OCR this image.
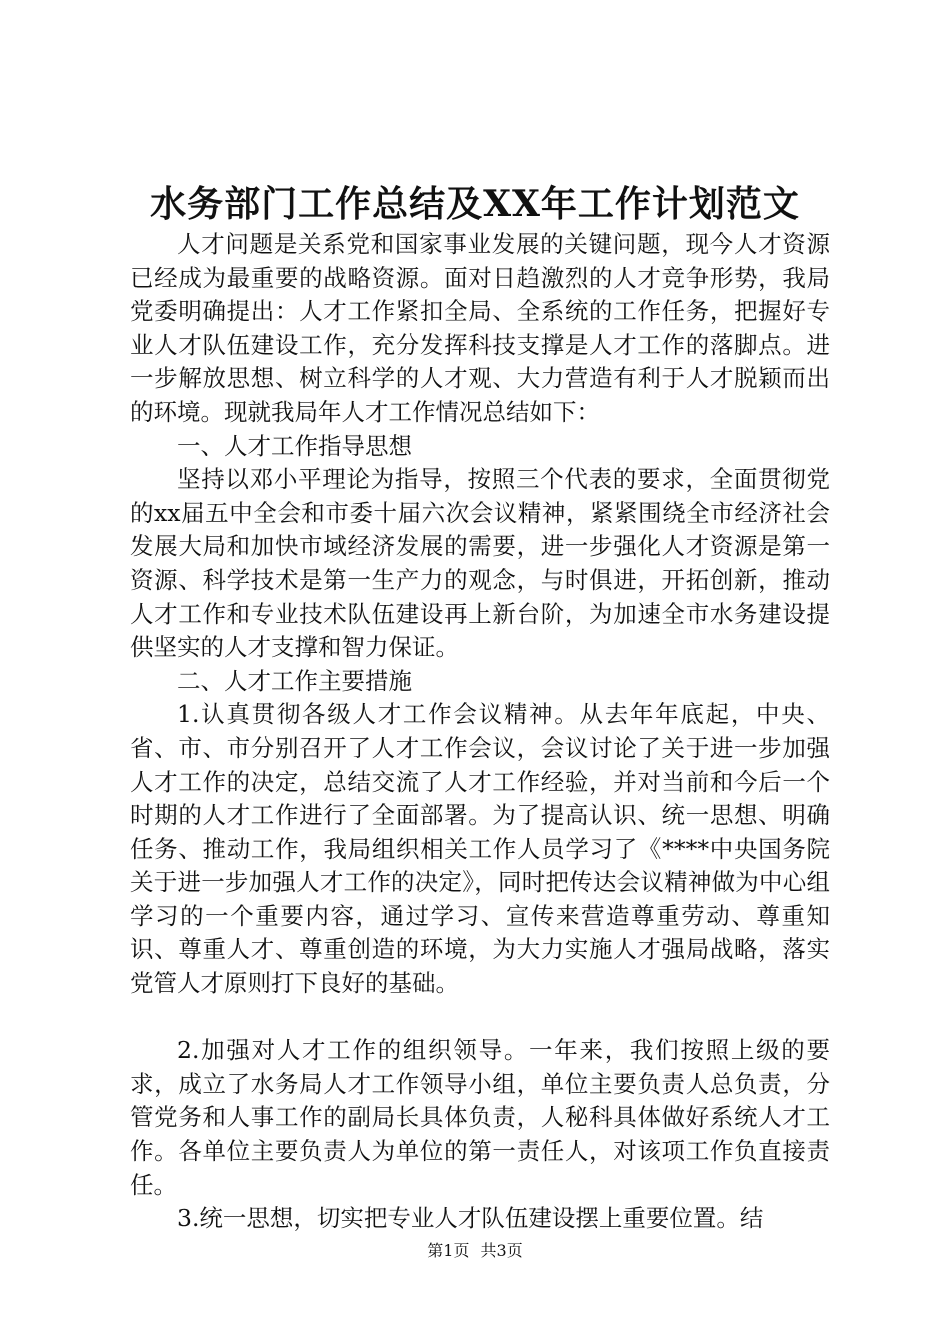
水务部门工作总结及XX年工作计划范文

人才问题是关系党和国家事业发展的关键问题，现今人才资源已经成为最重要的战略资源。面对日趋激烈的人才竞争形势，我局党委明确提出：人才工作紧扣全局、全系统的工作任务，把握好专业人才队伍建设工作，充分发挥科技支撑是人才工作的落脚点。进一步解放思想、树立科学的人才观、大力营造有利于人才脱颖而出的环境。现就我局年人才工作情况总结如下：

一、人才工作指导思想

坚持以邓小平理论为指导，按照三个代表的要求，全面贯彻党的xx届五中全会和市委十届六次会议精神，紧紧围绕全市经济社会发展大局和加快市域经济发展的需要，进一步强化人才资源是第一资源、科学技术是第一生产力的观念，与时俱进，开拓创新，推动人才工作和专业技术队伍建设再上新台阶，为加速全市水务建设提供坚实的人才支撑和智力保证。

二、人才工作主要措施

1.认真贯彻各级人才工作会议精神。从去年年底起，中央、省、市、市分别召开了人才工作会议，会议讨论了关于进一步加强人才工作的决定，总结交流了人才工作经验，并对当前和今后一个时期的人才工作进行了全面部署。为了提高认识、统一思想、明确任务、推动工作，我局组织相关工作人员学习了《****中央国务院关于进一步加强人才工作的决定》，同时把传达会议精神做为中心组学习的一个重要内容，通过学习、宣传来营造尊重劳动、尊重知识、尊重人才、尊重创造的环境，为大力实施人才强局战略，落实党管人才原则打下良好的基础。

2.加强对人才工作的组织领导。一年来，我们按照上级的要求，成立了水务局人才工作领导小组，单位主要负责人总负责，分管党务和人事工作的副局长具体负责，人秘科具体做好系统人才工作。各单位主要负责人为单位的第一责任人，对该项工作负直接责任。

3.统一思想，切实把专业人才队伍建设摆上重要位置。结

第1页 共3页
